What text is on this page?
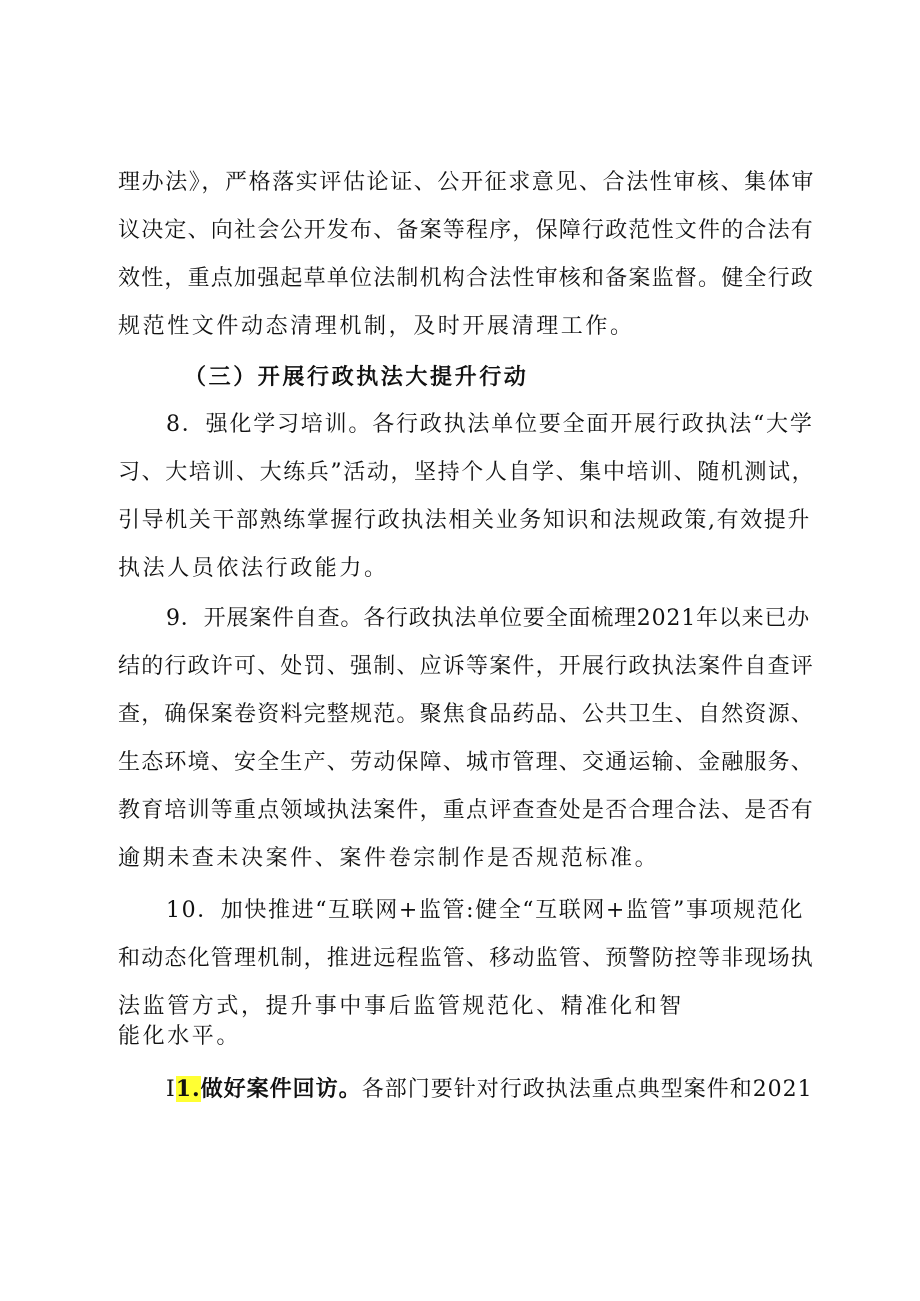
理办法》，严格落实评估论证、公开征求意见、合法性审核、集体审
议决定、向社会公开发布、备案等程序，保障行政范性文件的合法有
效性，重点加强起草单位法制机构合法性审核和备案监督。健全行政
规范性文件动态清理机制，及时开展清理工作。
（三）开展行政执法大提升行动
8．强化学习培训。各行政执法单位要全面开展行政执法“大学
习、大培训、大练兵”活动，坚持个人自学、集中培训、随机测试，
引导机关干部熟练掌握行政执法相关业务知识和法规政策,有效提升
执法人员依法行政能力。
9．开展案件自查。各行政执法单位要全面梳理2021年以来已办
结的行政许可、处罚、强制、应诉等案件，开展行政执法案件自查评
查，确保案卷资料完整规范。聚焦食品药品、公共卫生、自然资源、
生态环境、安全生产、劳动保障、城市管理、交通运输、金融服务、
教育培训等重点领域执法案件，重点评查查处是否合理合法、是否有
逾期未查未决案件、案件卷宗制作是否规范标准。
10．加快推进“互联网+监管:健全“互联网+监管”事项规范化
和动态化管理机制，推进远程监管、移动监管、预警防控等非现场执
法监管方式，提升事中事后监管规范化、精准化和智
能化水平。
I1.做好案件回访。各部门要针对行政执法重点典型案件和2021
